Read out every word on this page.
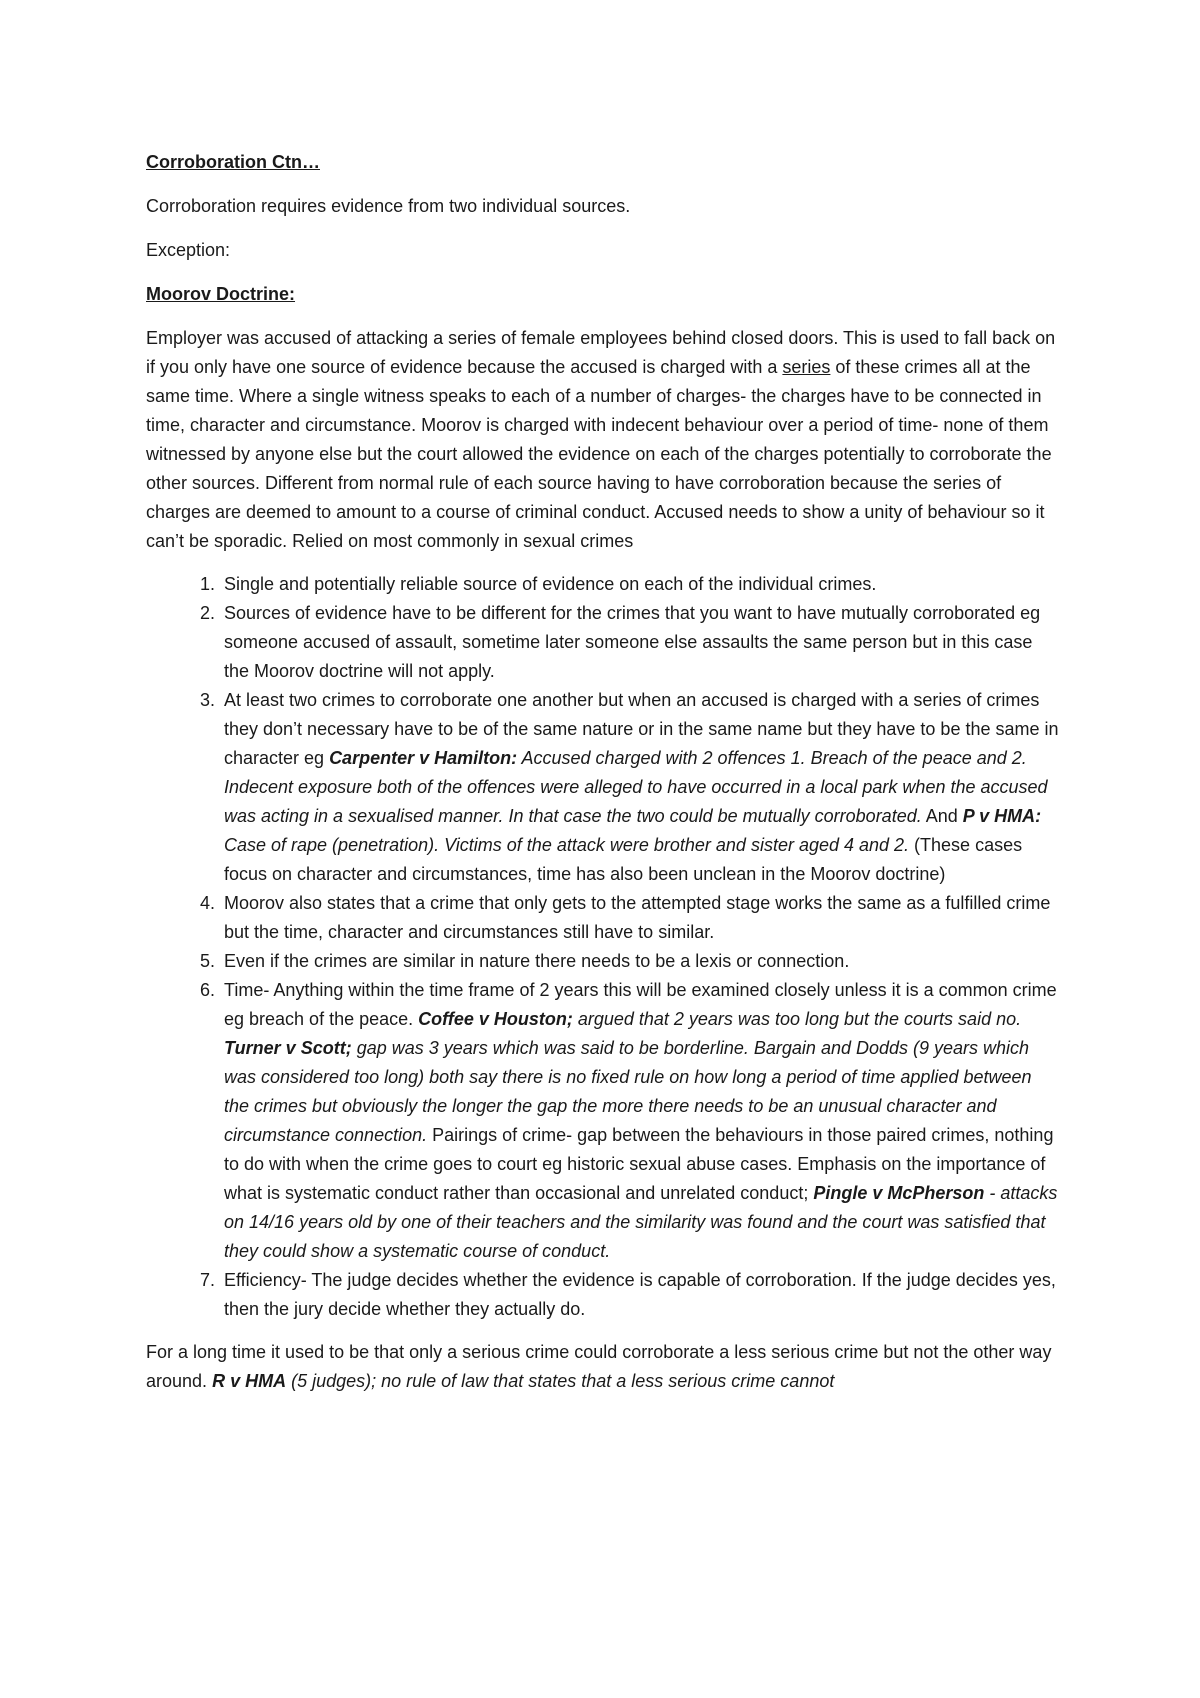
Corroboration Ctn…

Corroboration requires evidence from two individual sources.

Exception:

Moorov Doctrine:

Employer was accused of attacking a series of female employees behind closed doors. This is used to fall back on if you only have one source of evidence because the accused is charged with a series of these crimes all at the same time. Where a single witness speaks to each of a number of charges- the charges have to be connected in time, character and circumstance. Moorov is charged with indecent behaviour over a period of time- none of them witnessed by anyone else but the court allowed the evidence on each of the charges potentially to corroborate the other sources. Different from normal rule of each source having to have corroboration because the series of charges are deemed to amount to a course of criminal conduct. Accused needs to show a unity of behaviour so it can’t be sporadic. Relied on most commonly in sexual crimes

1. Single and potentially reliable source of evidence on each of the individual crimes.
2. Sources of evidence have to be different for the crimes that you want to have mutually corroborated eg someone accused of assault, sometime later someone else assaults the same person but in this case the Moorov doctrine will not apply.
3. At least two crimes to corroborate one another but when an accused is charged with a series of crimes they don’t necessary have to be of the same nature or in the same name but they have to be the same in character eg Carpenter v Hamilton: Accused charged with 2 offences 1. Breach of the peace and 2. Indecent exposure both of the offences were alleged to have occurred in a local park when the accused was acting in a sexualised manner. In that case the two could be mutually corroborated. And P v HMA: Case of rape (penetration). Victims of the attack were brother and sister aged 4 and 2. (These cases focus on character and circumstances, time has also been unclean in the Moorov doctrine)
4. Moorov also states that a crime that only gets to the attempted stage works the same as a fulfilled crime but the time, character and circumstances still have to similar.
5. Even if the crimes are similar in nature there needs to be a lexis or connection.
6. Time- Anything within the time frame of 2 years this will be examined closely unless it is a common crime eg breach of the peace. Coffee v Houston; argued that 2 years was too long but the courts said no. Turner v Scott; gap was 3 years which was said to be borderline. Bargain and Dodds (9 years which was considered too long) both say there is no fixed rule on how long a period of time applied between the crimes but obviously the longer the gap the more there needs to be an unusual character and circumstance connection. Pairings of crime- gap between the behaviours in those paired crimes, nothing to do with when the crime goes to court eg historic sexual abuse cases. Emphasis on the importance of what is systematic conduct rather than occasional and unrelated conduct; Pingle v McPherson - attacks on 14/16 years old by one of their teachers and the similarity was found and the court was satisfied that they could show a systematic course of conduct.
7. Efficiency- The judge decides whether the evidence is capable of corroboration. If the judge decides yes, then the jury decide whether they actually do.

For a long time it used to be that only a serious crime could corroborate a less serious crime but not the other way around. R v HMA (5 judges); no rule of law that states that a less serious crime cannot
